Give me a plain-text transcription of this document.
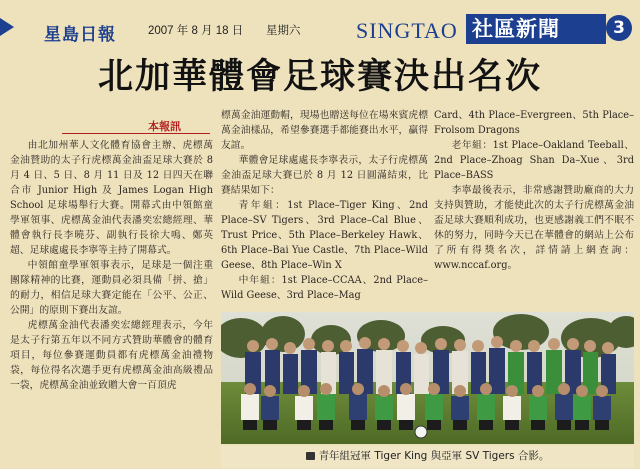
星島日報	2007 年 8 月 18 日 星期六	SINGTAO 社區新聞	3
北加華體會足球賽決出名次
本報訊

由北加州華人文化體育協會主辦、虎標萬金油贊助的太子行虎標萬金油盃足球大賽於 8 月 4 日、5 日、8 月 11 日及 12 日四天在聯合市 Junior High 及 James Logan High School 足球場舉行大賽。開幕式由中領館童學軍領事、虎標萬金油代表潘奕宏總經理、華體會執行長李曉芬、副執行長徐大鳴、鄭英超、足球處處長李寧等主持了開幕式。

中領館童學軍領事表示，足球是一個注重團隊精神的比賽，運動員必須具備「拼、搶」的耐力，相信足球大賽定能在「公平、公正、公開」的原則下賽出友誼。

虎標萬金油代表潘奕宏總經理表示，今年是太子行第五年以不同方式贊助華體會的體育項目，每位參賽運動員都有虎標萬金油禮物袋，每位得名次選手更有虎標萬金油高級禮品一袋，虎標萬金油並致贈大會一百頂虎

標萬金油運動帽，現場也贈送每位在場來賓虎標萬金油樣品，希望參賽選手都能賽出水平，贏得友誼。

華體會足球處處長李寧表示，太子行虎標萬金油盃足球大賽已於 8 月 12 日圓滿結束，比賽結果如下：

青年組：1st Place–Tiger King、2nd Place–SV Tigers、3rd Place–Cal Blue、Trust Price、5th Place–Berkeley Hawk、6th Place–Bai Yue Castle、7th Place–Wild Geese、8th Place–Win X

中年組：1st Place–CCAA、2nd Place–Wild Geese、3rd Place–Mag

Card、4th Place–Evergreen、5th Place–Frolsom Dragons

老年組：1st Place–Oakland Teeball、2nd Place–Zhoag Shan Da–Xue、3rd Place–BASS

李寧最後表示，非常感謝贊助廠商的大力支持與贊助，才能使此次的太子行虎標萬金油盃足球大賽順利成功，也更感謝義工們不眠不休的努力，同時今天已在華體會的網站上公布了所有得獎名次，詳情請上網查詢：www.nccaf.org。

青年組冠軍 Tiger King 與亞軍 SV Tigers 合影。
